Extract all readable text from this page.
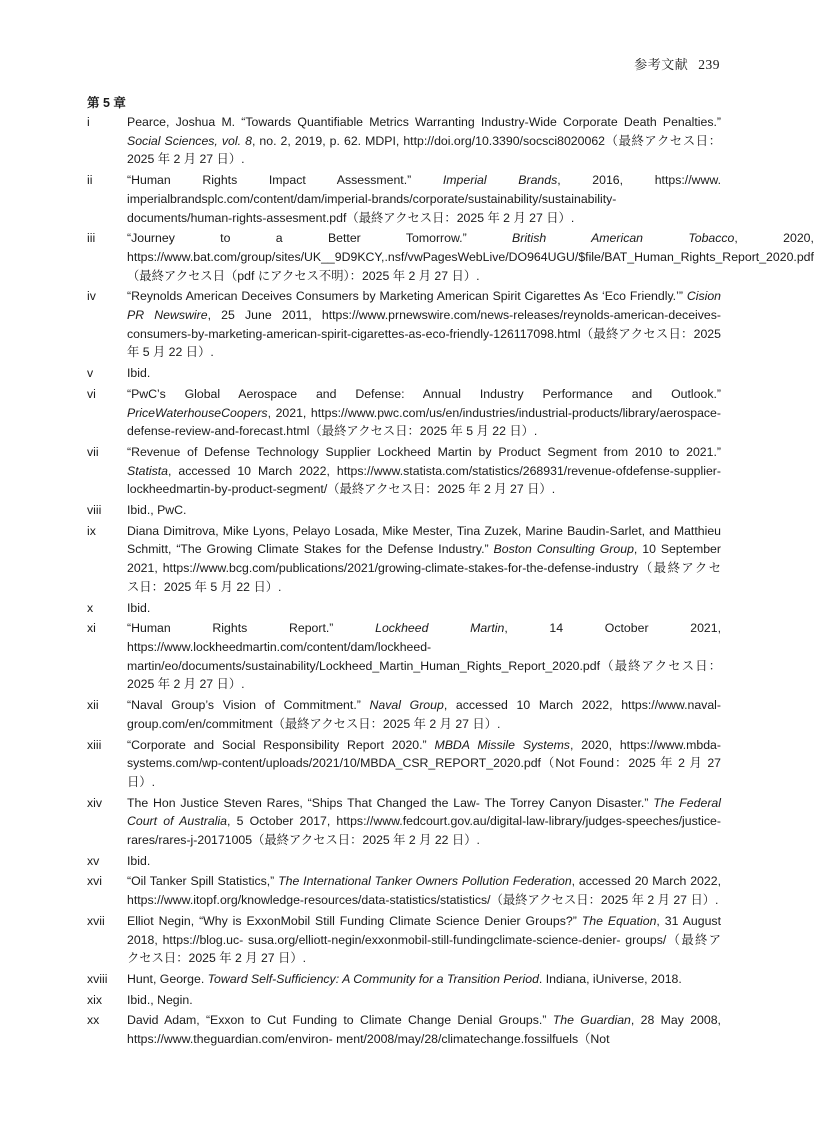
参考文献 239
第 5 章
i	Pearce, Joshua M. “Towards Quantifiable Metrics Warranting Industry-Wide Corporate Death Penalties.” Social Sciences, vol. 8, no. 2, 2019, p. 62. MDPI, http://doi.org/10.3390/socsci8020062（最終アクセス日：2025 年 2 月 27 日）.
ii	“Human Rights Impact Assessment.” Imperial Brands, 2016, https://www. imperialbrandsplc.com/content/dam/imperial-brands/corporate/sustainability/sustainability-documents/human-rights-assesment.pdf（最終アクセス日：2025 年 2 月 27 日）.
iii	“Journey to a Better Tomorrow.” British American Tobacco, 2020, https://www.bat.com/group/sites/UK__9D9KCY,.nsf/vwPagesWebLive/DO964UGU/$file/BAT_Human_Rights_Report_2020.pdf（最終アクセス日（pdf にアクセス不明）：2025 年 2 月 27 日）.
iv	“Reynolds American Deceives Consumers by Marketing American Spirit Cigarettes As ‘Eco Friendly.’” Cision PR Newswire, 25 June 2011, https://www.prnewswire.com/news-releases/reynolds-american-deceives-consumers-by-marketing-american-spirit-cigarettes-as-eco-friendly-126117098.html（最終アクセス日：2025 年 5 月 22 日）.
v	Ibid.
vi	“PwC’s Global Aerospace and Defense: Annual Industry Performance and Outlook.” PriceWaterhouseCoopers, 2021, https://www.pwc.com/us/en/industries/industrial-products/library/aerospace-defense-review-and-forecast.html（最終アクセス日：2025 年 5 月 22 日）.
vii	“Revenue of Defense Technology Supplier Lockheed Martin by Product Segment from 2010 to 2021.” Statista, accessed 10 March 2022, https://www.statista.com/statistics/268931/revenue-ofdefense-supplier-lockheedmartin-by-product-segment/（最終アクセス日：2025 年 2 月 27 日）.
viii	Ibid., PwC.
ix	Diana Dimitrova, Mike Lyons, Pelayo Losada, Mike Mester, Tina Zuzek, Marine Baudin-Sarlet, and Matthieu Schmitt, “The Growing Climate Stakes for the Defense Industry.” Boston Consulting Group, 10 September 2021, https://www.bcg.com/publications/2021/growing-climate-stakes-for-the-defense-industry（最終アクセス日：2025 年 5 月 22 日）.
x	Ibid.
xi	“Human Rights Report.” Lockheed Martin, 14 October 2021, https://www.lockheedmartin.com/content/dam/lockheed-martin/eo/documents/sustainability/Lockheed_Martin_Human_Rights_Report_2020.pdf（最終アクセス日：2025 年 2 月 27 日）.
xii	“Naval Group’s Vision of Commitment.” Naval Group, accessed 10 March 2022, https://www.naval-group.com/en/commitment（最終アクセス日：2025 年 2 月 27 日）.
xiii	“Corporate and Social Responsibility Report 2020.” MBDA Missile Systems, 2020, https://www.mbda-systems.com/wp-content/uploads/2021/10/MBDA_CSR_REPORT_2020.pdf（Not Found：2025 年 2 月 27 日）.
xiv	The Hon Justice Steven Rares, “Ships That Changed the Law- The Torrey Canyon Disaster.” The Federal Court of Australia, 5 October 2017, https://www.fedcourt.gov.au/digital-law-library/judges-speeches/justice-rares/rares-j-20171005（最終アクセス日：2025 年 2 月 22 日）.
xv	Ibid.
xvi	“Oil Tanker Spill Statistics,” The International Tanker Owners Pollution Federation, accessed 20 March 2022, https://www.itopf.org/knowledge-resources/data-statistics/statistics/（最終アクセス日：2025 年 2 月 27 日）.
xvii	Elliot Negin, “Why is ExxonMobil Still Funding Climate Science Denier Groups?” The Equation, 31 August 2018, https://blog.uc- susa.org/elliott-negin/exxonmobil-still-fundingclimate-science-denier- groups/（最終アクセス日：2025 年 2 月 27 日）.
xviii	Hunt, George. Toward Self-Sufficiency: A Community for a Transition Period. Indiana, iUniverse, 2018.
xix	Ibid., Negin.
xx	David Adam, “Exxon to Cut Funding to Climate Change Denial Groups.” The Guardian, 28 May 2008, https://www.theguardian.com/environ- ment/2008/may/28/climatechange.fossilfuels（Not
